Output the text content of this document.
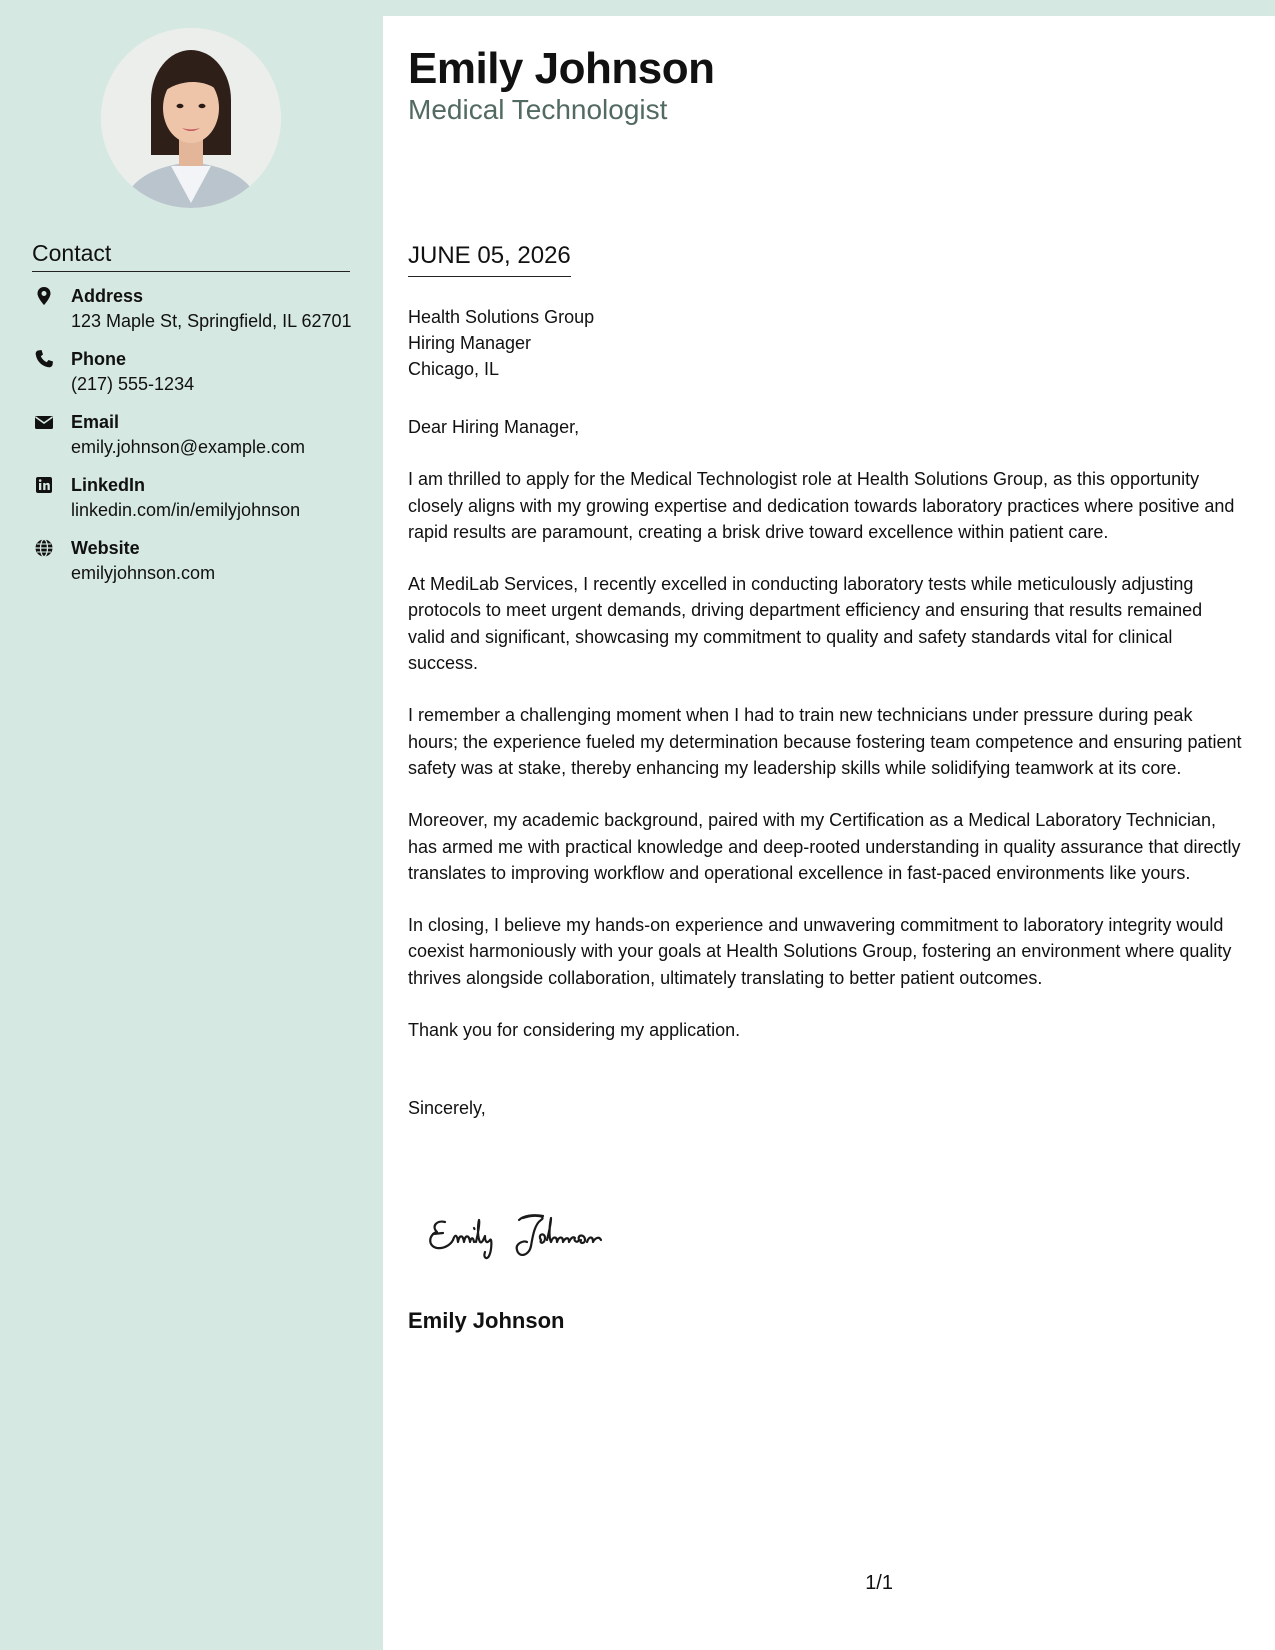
Contact
Address
123 Maple St, Springfield, IL 62701
Phone
(217) 555-1234
Email
emily.johnson@example.com
LinkedIn
linkedin.com/in/emilyjohnson
Website
emilyjohnson.com
Emily Johnson
Medical Technologist
JUNE 05, 2026
Health Solutions Group
Hiring Manager
Chicago, IL

Dear Hiring Manager,

I am thrilled to apply for the Medical Technologist role at Health Solutions Group, as this opportunity closely aligns with my growing expertise and dedication towards laboratory practices where positive and rapid results are paramount, creating a brisk drive toward excellence within patient care.

At MediLab Services, I recently excelled in conducting laboratory tests while meticulously adjusting protocols to meet urgent demands, driving department efficiency and ensuring that results remained valid and significant, showcasing my commitment to quality and safety standards vital for clinical success.

I remember a challenging moment when I had to train new technicians under pressure during peak hours; the experience fueled my determination because fostering team competence and ensuring patient safety was at stake, thereby enhancing my leadership skills while solidifying teamwork at its core.

Moreover, my academic background, paired with my Certification as a Medical Laboratory Technician, has armed me with practical knowledge and deep-rooted understanding in quality assurance that directly translates to improving workflow and operational excellence in fast-paced environments like yours.

In closing, I believe my hands-on experience and unwavering commitment to laboratory integrity would coexist harmoniously with your goals at Health Solutions Group, fostering an environment where quality thrives alongside collaboration, ultimately translating to better patient outcomes.

Thank you for considering my application.

Sincerely,

Emily Johnson
1/1
